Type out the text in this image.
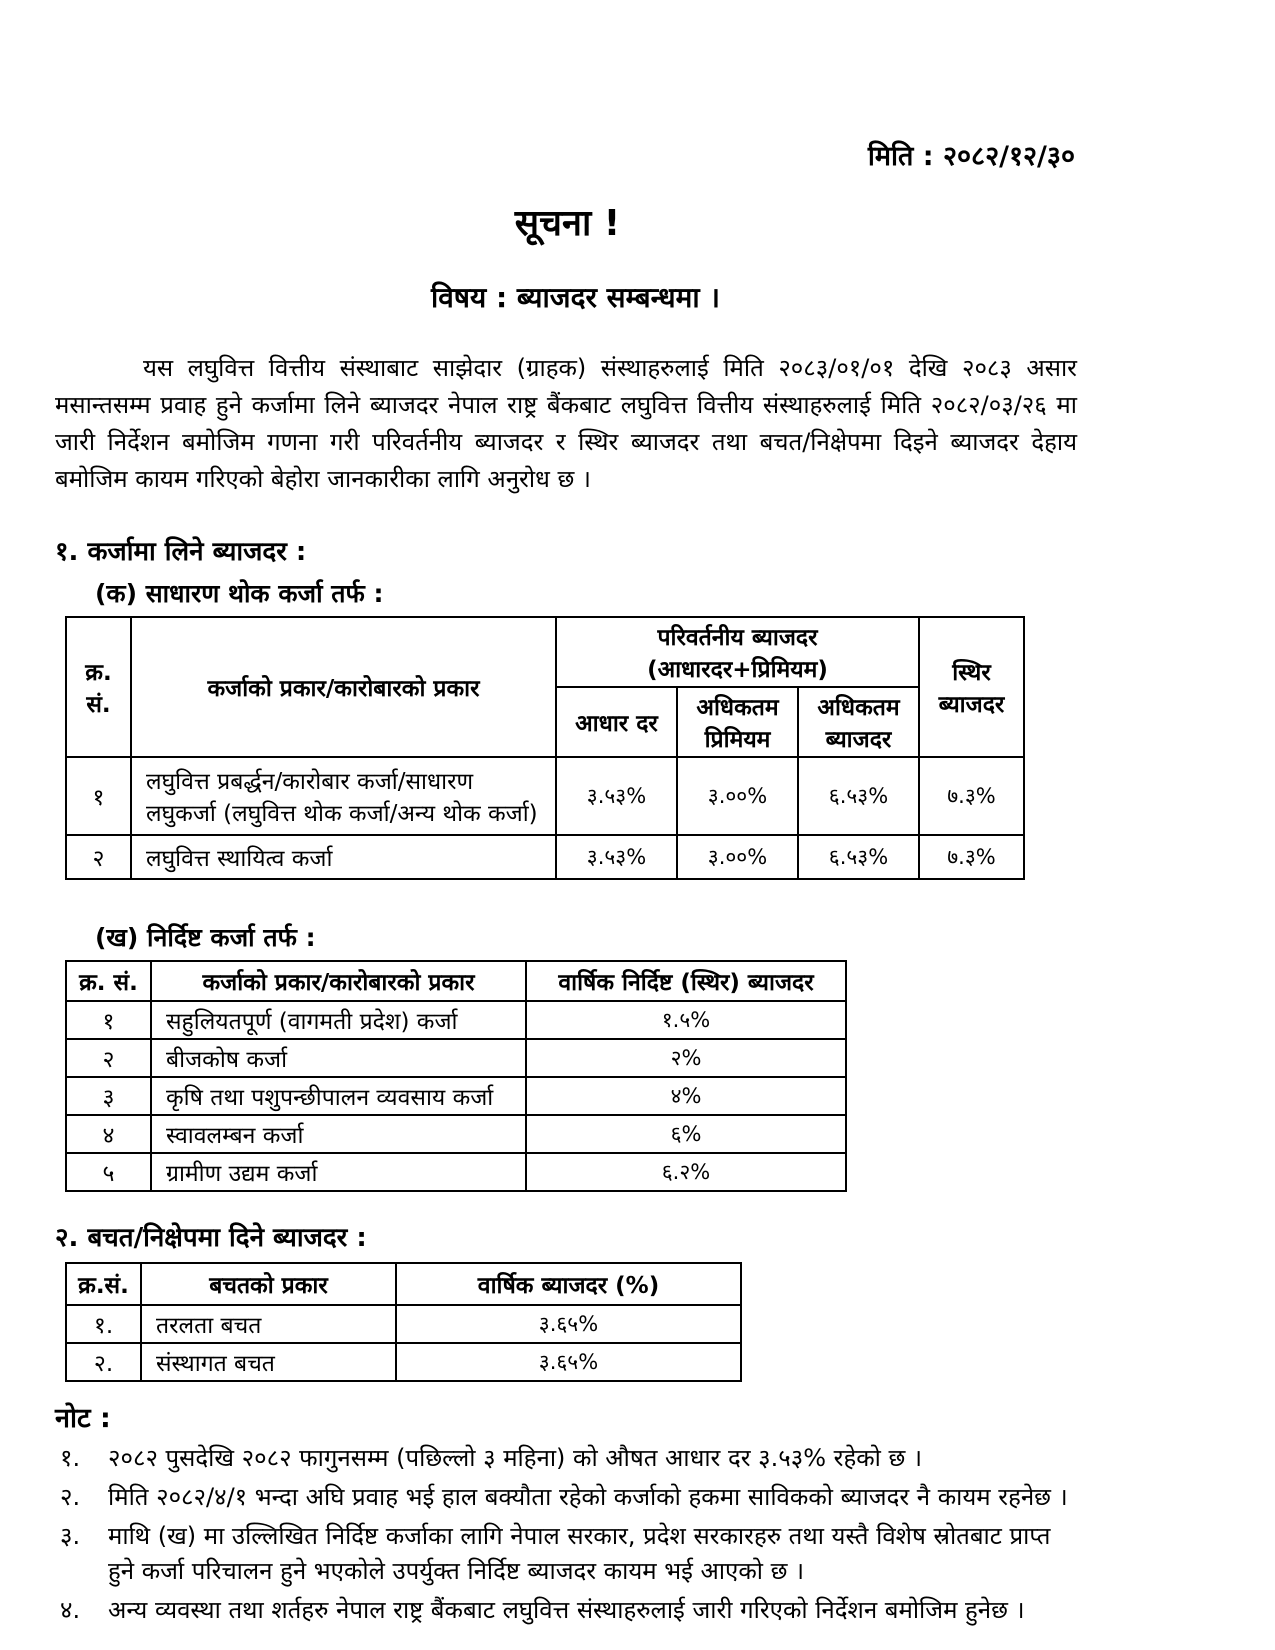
मिति : २०८२/१२/३०
सूचना !
विषय : ब्याजदर सम्बन्धमा ।

यस लघुवित्त वित्तीय संस्थाबाट साझेदार (ग्राहक) संस्थाहरुलाई मिति २०८३/०१/०१ देखि २०८३ असार मसान्तसम्म प्रवाह हुने कर्जामा लिने ब्याजदर नेपाल राष्ट्र बैंकबाट लघुवित्त वित्तीय संस्थाहरुलाई मिति २०८२/०३/२६ मा जारी निर्देशन बमोजिम गणना गरी परिवर्तनीय ब्याजदर र स्थिर ब्याजदर तथा बचत/निक्षेपमा दिइने ब्याजदर देहाय बमोजिम कायम गरिएको बेहोरा जानकारीका लागि अनुरोध छ ।

१. कर्जामा लिने ब्याजदर :
(क) साधारण थोक कर्जा तर्फ :
क्र. सं.	कर्जाको प्रकार/कारोबारको प्रकार	परिवर्तनीय ब्याजदर (आधारदर+प्रिमियम)			स्थिर ब्याजदर
		आधार दर	अधिकतम प्रिमियम	अधिकतम ब्याजदर	
१	लघुवित्त प्रबर्द्धन/कारोबार कर्जा/साधारण लघुकर्जा (लघुवित्त थोक कर्जा/अन्य थोक कर्जा)	३.५३%	३.००%	६.५३%	७.३%
२	लघुवित्त स्थायित्व कर्जा	३.५३%	३.००%	६.५३%	७.३%
(ख) निर्दिष्ट कर्जा तर्फ :
क्र. सं.	कर्जाको प्रकार/कारोबारको प्रकार	वार्षिक निर्दिष्ट (स्थिर) ब्याजदर
१	सहुलियतपूर्ण (वागमती प्रदेश) कर्जा	१.५%
२	बीजकोष कर्जा	२%
३	कृषि तथा पशुपन्छीपालन व्यवसाय कर्जा	४%
४	स्वावलम्बन कर्जा	६%
५	ग्रामीण उद्यम कर्जा	६.२%
२. बचत/निक्षेपमा दिने ब्याजदर :
क्र.सं.	बचतको प्रकार	वार्षिक ब्याजदर (%)
१.	तरलता बचत	३.६५%
२.	संस्थागत बचत	३.६५%
नोट :
१.	२०८२ पुसदेखि २०८२ फागुनसम्म (पछिल्लो ३ महिना) को औषत आधार दर ३.५३% रहेको छ ।
२.	मिति २०८२/४/१ भन्दा अघि प्रवाह भई हाल बक्यौता रहेको कर्जाको हकमा साविकको ब्याजदर नै कायम रहनेछ ।
३.	माथि (ख) मा उल्लिखित निर्दिष्ट कर्जाका लागि नेपाल सरकार, प्रदेश सरकारहरु तथा यस्तै विशेष स्रोतबाट प्राप्त हुने कर्जा परिचालन हुने भएकोले उपर्युक्त निर्दिष्ट ब्याजदर कायम भई आएको छ ।
४.	अन्य व्यवस्था तथा शर्तहरु नेपाल राष्ट्र बैंकबाट लघुवित्त संस्थाहरुलाई जारी गरिएको निर्देशन बमोजिम हुनेछ ।
